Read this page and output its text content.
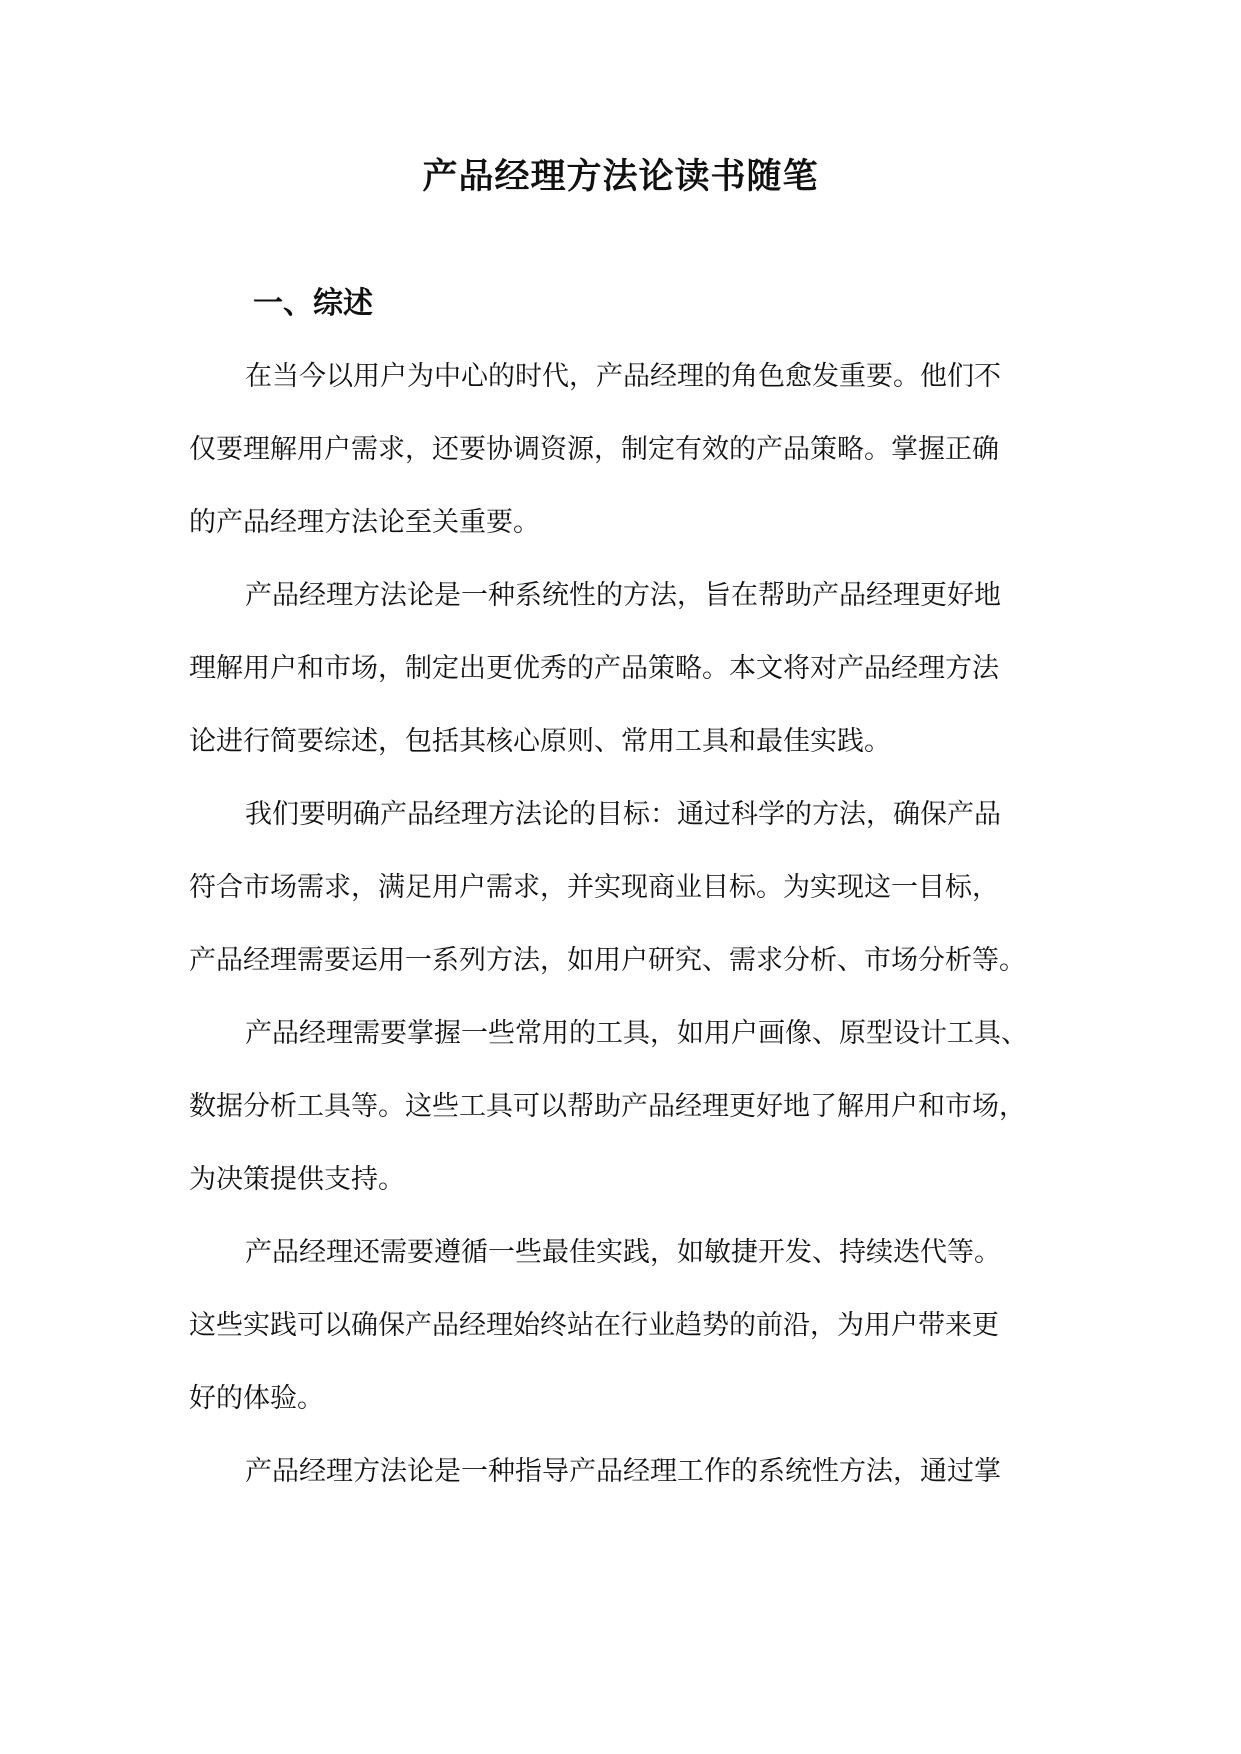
产品经理方法论读书随笔
一、综述

在当今以用户为中心的时代，产品经理的角色愈发重要。他们不
仅要理解用户需求，还要协调资源，制定有效的产品策略。掌握正确
的产品经理方法论至关重要。

产品经理方法论是一种系统性的方法，旨在帮助产品经理更好地
理解用户和市场，制定出更优秀的产品策略。本文将对产品经理方法
论进行简要综述，包括其核心原则、常用工具和最佳实践。

我们要明确产品经理方法论的目标：通过科学的方法，确保产品
符合市场需求，满足用户需求，并实现商业目标。为实现这一目标，
产品经理需要运用一系列方法，如用户研究、需求分析、市场分析等。

产品经理需要掌握一些常用的工具，如用户画像、原型设计工具、
数据分析工具等。这些工具可以帮助产品经理更好地了解用户和市场，
为决策提供支持。

产品经理还需要遵循一些最佳实践，如敏捷开发、持续迭代等。
这些实践可以确保产品经理始终站在行业趋势的前沿，为用户带来更
好的体验。

产品经理方法论是一种指导产品经理工作的系统性方法，通过掌
